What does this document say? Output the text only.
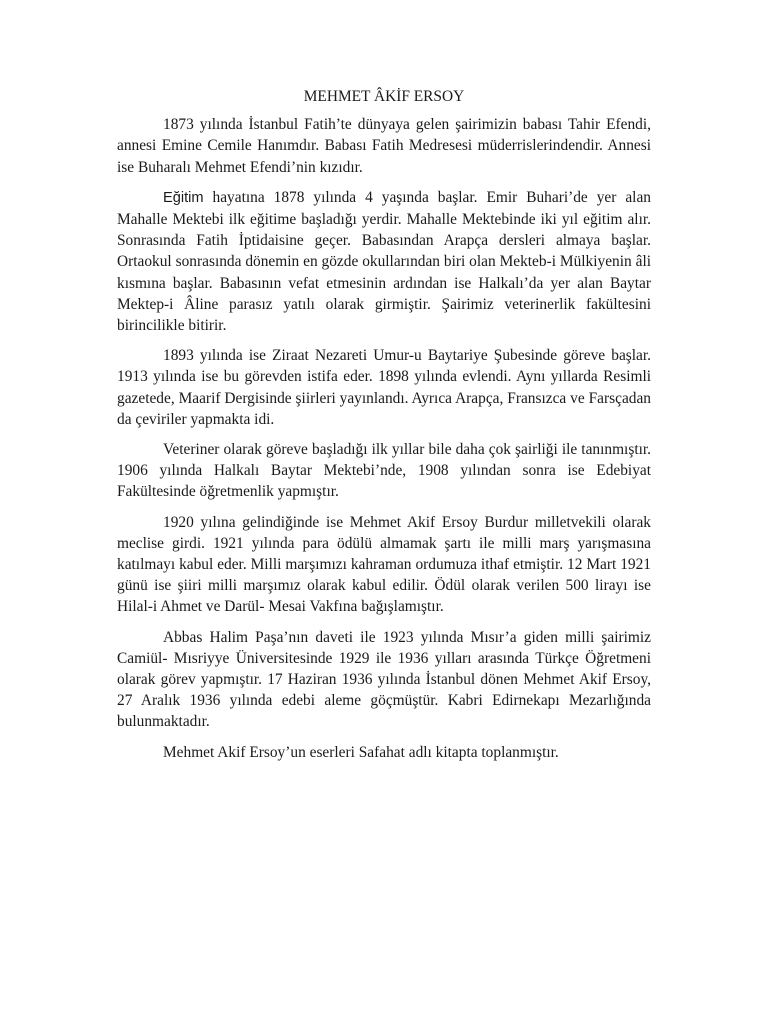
MEHMET ÂKİF ERSOY

1873 yılında İstanbul Fatih’te dünyaya gelen şairimizin babası Tahir Efendi, annesi Emine Cemile Hanımdır. Babası Fatih Medresesi müderrislerindendir. Annesi ise Buharalı Mehmet Efendi’nin kızıdır.

Eğitim hayatına 1878 yılında 4 yaşında başlar. Emir Buhari’de yer alan Mahalle Mektebi ilk eğitime başladığı yerdir. Mahalle Mektebinde iki yıl eğitim alır. Sonrasında Fatih İptidaisine geçer. Babasından Arapça dersleri almaya başlar. Ortaokul sonrasında dönemin en gözde okullarından biri olan Mekteb-i Mülkiyenin âli kısmına başlar. Babasının vefat etmesinin ardından ise Halkalı’da yer alan Baytar Mektep-i Âline parasız yatılı olarak girmiştir. Şairimiz veterinerlik fakültesini birincilikle bitirir.

1893 yılında ise Ziraat Nezareti Umur-u Baytariye Şubesinde göreve başlar. 1913 yılında ise bu görevden istifa eder. 1898 yılında evlendi. Aynı yıllarda Resimli gazetede, Maarif Dergisinde şiirleri yayınlandı. Ayrıca Arapça, Fransızca ve Farsçadan da çeviriler yapmakta idi.

Veteriner olarak göreve başladığı ilk yıllar bile daha çok şairliği ile tanınmıştır. 1906 yılında Halkalı Baytar Mektebi’nde, 1908 yılından sonra ise Edebiyat Fakültesinde öğretmenlik yapmıştır.

1920 yılına gelindiğinde ise Mehmet Akif Ersoy Burdur milletvekili olarak meclise girdi. 1921 yılında para ödülü almamak şartı ile milli marş yarışmasına katılmayı kabul eder. Milli marşımızı kahraman ordumuza ithaf etmiştir. 12 Mart 1921 günü ise şiiri milli marşımız olarak kabul edilir. Ödül olarak verilen 500 lirayı ise Hilal-i Ahmet ve Darül- Mesai Vakfına bağışlamıştır.

Abbas Halim Paşa’nın daveti ile 1923 yılında Mısır’a giden milli şairimiz Camiül- Mısriyye Üniversitesinde 1929 ile 1936 yılları arasında Türkçe Öğretmeni olarak görev yapmıştır. 17 Haziran 1936 yılında İstanbul dönen Mehmet Akif Ersoy, 27 Aralık 1936 yılında edebi aleme göçmüştür. Kabri Edirnekapı Mezarlığında bulunmaktadır.

Mehmet Akif Ersoy’un eserleri Safahat adlı kitapta toplanmıştır.
